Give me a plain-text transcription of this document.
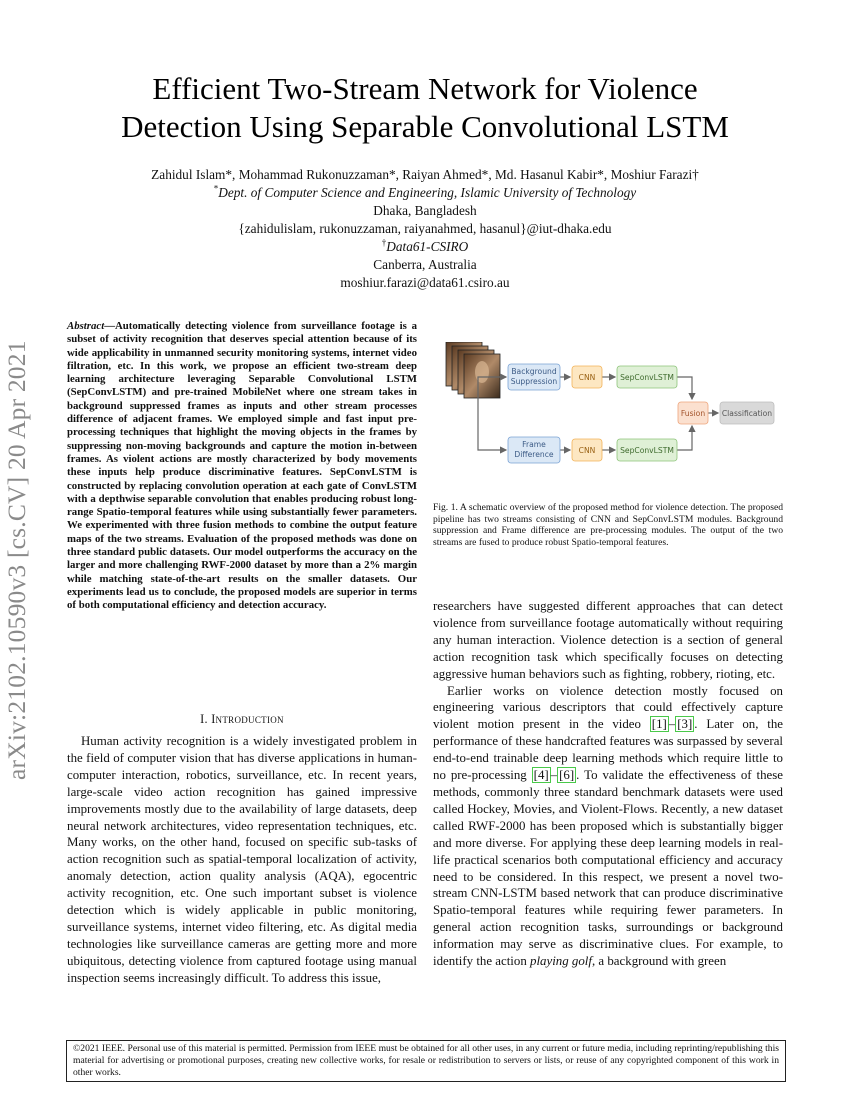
Efficient Two-Stream Network for Violence
Detection Using Separable Convolutional LSTM
Zahidul Islam*, Mohammad Rukonuzzaman*, Raiyan Ahmed*, Md. Hasanul Kabir*, Moshiur Farazi†
*Dept. of Computer Science and Engineering, Islamic University of Technology
Dhaka, Bangladesh
{zahidulislam, rukonuzzaman, raiyanahmed, hasanul}@iut-dhaka.edu
†Data61-CSIRO
Canberra, Australia
moshiur.farazi@data61.csiro.au
arXiv:2102.10590v3 [cs.CV] 20 Apr 2021
Abstract—Automatically detecting violence from surveillance footage is a subset of activity recognition that deserves special attention because of its wide applicability in unmanned security monitoring systems, internet video filtration, etc. In this work, we propose an efficient two-stream deep learning architecture leveraging Separable Convolutional LSTM (SepConvLSTM) and pre-trained MobileNet where one stream takes in background suppressed frames as inputs and other stream processes difference of adjacent frames. We employed simple and fast input pre-processing techniques that highlight the moving objects in the frames by suppressing non-moving backgrounds and capture the motion in-between frames. As violent actions are mostly characterized by body movements these inputs help produce discriminative features. SepConvLSTM is constructed by replacing convolution operation at each gate of ConvLSTM with a depthwise separable convolution that enables producing robust long-range Spatio-temporal features while using substantially fewer parameters. We experimented with three fusion methods to combine the output feature maps of the two streams. Evaluation of the proposed methods was done on three standard public datasets. Our model outperforms the accuracy on the larger and more challenging RWF-2000 dataset by more than a 2% margin while matching state-of-the-art results on the smaller datasets. Our experiments lead us to conclude, the proposed models are superior in terms of both computational efficiency and detection accuracy.
I. Introduction

Human activity recognition is a widely investigated problem in the field of computer vision that has diverse applications in human-computer interaction, robotics, surveillance, etc. In recent years, large-scale video action recognition has gained impressive improvements mostly due to the availability of large datasets, deep neural network architectures, video representation techniques, etc. Many works, on the other hand, focused on specific sub-tasks of action recognition such as spatial-temporal localization of activity, anomaly detection, action quality analysis (AQA), egocentric activity recognition, etc. One such important subset is violence detection which is widely applicable in public monitoring, surveillance systems, internet video filtering, etc. As digital media technologies like surveillance cameras are getting more and more ubiquitous, detecting violence from captured footage using manual inspection seems increasingly difficult. To address this issue,

Background
Suppression	CNN	SepConvLSTM
Frame
Difference	CNN	SepConvLSTM
Fusion Classification
Fig. 1. A schematic overview of the proposed method for violence detection. The proposed pipeline has two streams consisting of CNN and SepConvLSTM modules. Background suppression and Frame difference are pre-processing modules. The output of the two streams are fused to produce robust Spatio-temporal features.

researchers have suggested different approaches that can detect violence from surveillance footage automatically without requiring any human interaction. Violence detection is a section of general action recognition task which specifically focuses on detecting aggressive human behaviors such as fighting, robbery, rioting, etc.

Earlier works on violence detection mostly focused on engineering various descriptors that could effectively capture violent motion present in the video [1] – [3] . Later on, the performance of these handcrafted features was surpassed by several end-to-end trainable deep learning methods which require little to no pre-processing [4] – [6] . To validate the effectiveness of these methods, commonly three standard benchmark datasets were used called Hockey, Movies, and Violent-Flows. Recently, a new dataset called RWF-2000 has been proposed which is substantially bigger and more diverse. For applying these deep learning models in real-life practical scenarios both computational efficiency and accuracy need to be considered. In this respect, we present a novel two-stream CNN-LSTM based network that can produce discriminative Spatio-temporal features while requiring fewer parameters. In general action recognition tasks, surroundings or background information may serve as discriminative clues. For example, to identify the action playing golf, a background with green

©2021 IEEE. Personal use of this material is permitted. Permission from IEEE must be obtained for all other uses, in any current or future media, including reprinting/republishing this material for advertising or promotional purposes, creating new collective works, for resale or redistribution to servers or lists, or reuse of any copyrighted component of this work in other works.
